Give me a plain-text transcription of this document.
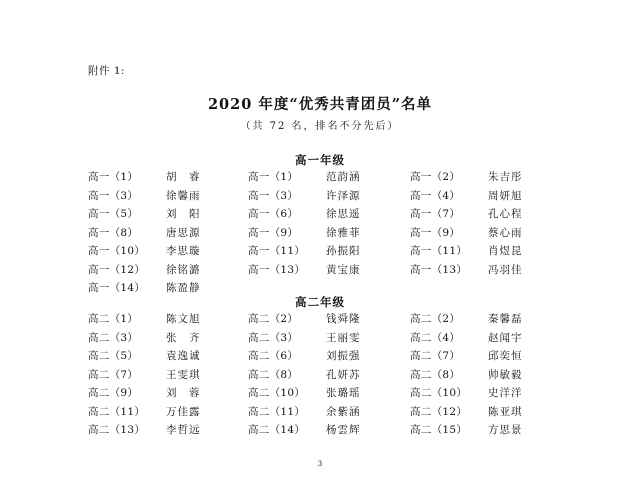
附件 1:
2020 年度“优秀共青团员”名单
（共 72 名，排名不分先后）
高一年级
高二年级
高一（1）	胡　睿	高一（1）	范韵涵	高一（2）	朱吉彤
高一（3）	徐馨雨	高一（3）	许泽源	高一（4）	周妍旭
高一（5）	刘　阳	高一（6）	徐思遥	高一（7）	孔心程
高一（8）	唐思源	高一（9）	徐雅菲	高一（9）	蔡心雨
高一（10） 李思璇	高一（11） 孙振阳	高一（11） 肖煜昆
高一（12） 徐铭潞	高一（13） 黄宝康	高一（13） 冯羽佳
高一（14） 陈盈静
高二（1）	陈文旭	高二（2）	钱舜隆	高二（2）	秦馨磊
高二（3）	张　齐	高二（3）	王丽雯	高二（4）	赵闻宇
高二（5）	袁逸诚	高二（6）	刘振强	高二（7）	邱奕恒
高二（7）	王雯琪	高二（8）	孔妍苏	高二（8）	帅敏毅
高二（9）	刘　蓉	高二（10） 张璐瑶	高二（10） 史洋洋
高二（11） 万佳露	高二（11） 余紫涵	高二（12） 陈亚琪
高二（13） 李哲远	高二（14） 杨雲辉	高二（15） 方思景
3
